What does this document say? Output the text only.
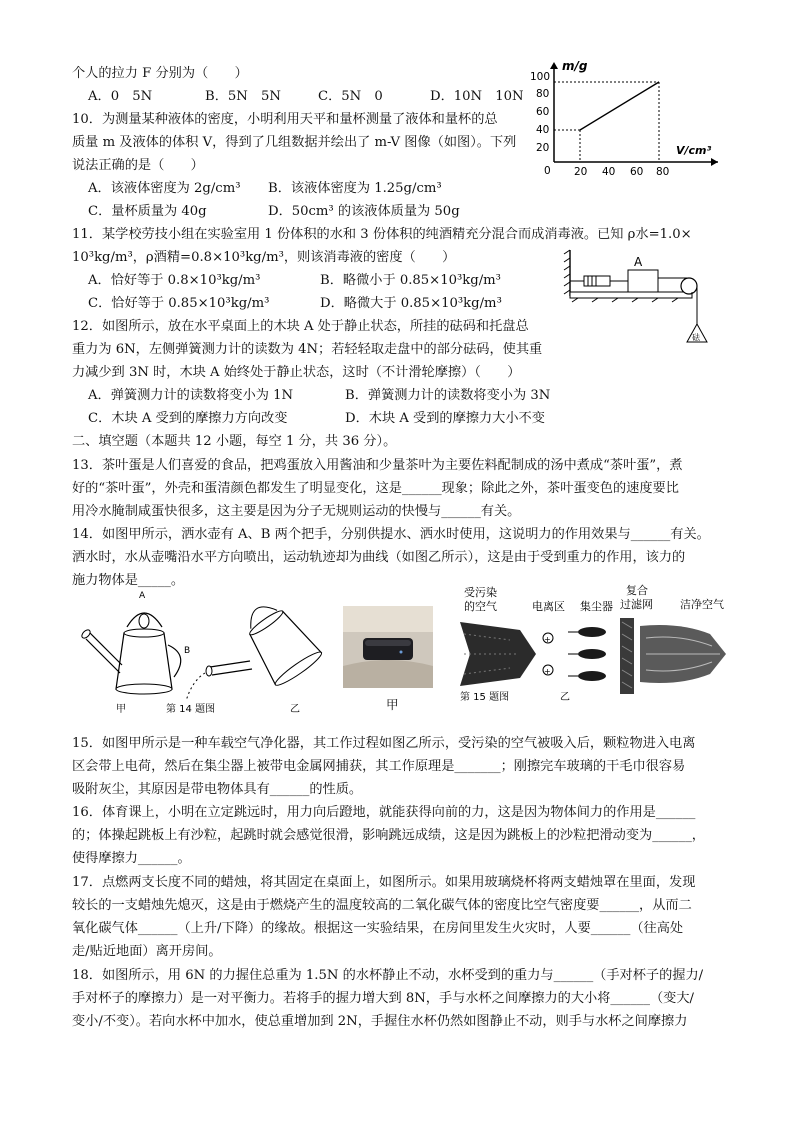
个人的拉力 F 分别为（　　）
A．0　5N	B．5N　5N	C．5N　0	D．10N　10N
10．为测量某种液体的密度，小明利用天平和量杯测量了液体和量杯的总
质量 m 及液体的体积 V，得到了几组数据并绘出了 m-V 图像（如图）。下列
说法正确的是（　　）
A．该液体密度为 2g/cm³ B．该液体密度为 1.25g/cm³
C．量杯质量为 40g	D．50cm³ 的该液体质量为 50g
m/g
V/cm³
0
20
40
60
80
100
20 40 60 80
11．某学校劳技小组在实验室用 1 份体积的水和 3 份体积的纯酒精充分混合而成消毒液。已知 ρ水=1.0×
10³kg/m³，ρ酒精=0.8×10³kg/m³，则该消毒液的密度（　　）
A．恰好等于 0.8×10³kg/m³	B．略微小于 0.85×10³kg/m³
C．恰好等于 0.85×10³kg/m³	D．略微大于 0.85×10³kg/m³
A
砝
12．如图所示，放在水平桌面上的木块 A 处于静止状态，所挂的砝码和托盘总
重力为 6N，左侧弹簧测力计的读数为 4N；若轻轻取走盘中的部分砝码，使其重
力减少到 3N 时，木块 A 始终处于静止状态，这时（不计滑轮摩擦）（　　）
A．弹簧测力计的读数将变小为 1N	B．弹簧测力计的读数将变小为 3N
C．木块 A 受到的摩擦力方向改变	D．木块 A 受到的摩擦力大小不变
二、填空题（本题共 12 小题，每空 1 分，共 36 分）。
13．茶叶蛋是人们喜爱的食品，把鸡蛋放入用酱油和少量茶叶为主要佐料配制成的汤中煮成“茶叶蛋”，煮
好的“茶叶蛋”，外壳和蛋清颜色都发生了明显变化，这是______现象；除此之外，茶叶蛋变色的速度要比
用冷水腌制咸蛋快很多，这主要是因为分子无规则运动的快慢与______有关。
14．如图甲所示，洒水壶有 A、B 两个把手，分别供提水、洒水时使用，这说明力的作用效果与______有关。
洒水时，水从壶嘴沿水平方向喷出，运动轨迹却为曲线（如图乙所示），这是由于受到重力的作用，该力的
施力物体是_____。
A
B
甲	第 14 题图	乙	甲
+
+
受污染
的空气	电离区 集尘器
复合
过滤网 洁净空气
第 15 题图	乙
15．如图甲所示是一种车载空气净化器，其工作过程如图乙所示，受污染的空气被吸入后，颗粒物进入电离
区会带上电荷，然后在集尘器上被带电金属网捕获，其工作原理是_______；刚擦完车玻璃的干毛巾很容易
吸附灰尘，其原因是带电物体具有______的性质。
16．体育课上，小明在立定跳远时，用力向后蹬地，就能获得向前的力，这是因为物体间力的作用是______
的；体操起跳板上有沙粒，起跳时就会感觉很滑，影响跳远成绩，这是因为跳板上的沙粒把滑动变为______，
使得摩擦力______。
17．点燃两支长度不同的蜡烛，将其固定在桌面上，如图所示。如果用玻璃烧杯将两支蜡烛罩在里面，发现
较长的一支蜡烛先熄灭，这是由于燃烧产生的温度较高的二氧化碳气体的密度比空气密度要______，从而二
氧化碳气体______（上升/下降）的缘故。根据这一实验结果，在房间里发生火灾时，人要______（往高处
走/贴近地面）离开房间。
18．如图所示，用 6N 的力握住总重为 1.5N 的水杯静止不动，水杯受到的重力与______（手对杯子的握力/
手对杯子的摩擦力）是一对平衡力。若将手的握力增大到 8N，手与水杯之间摩擦力的大小将______（变大/
变小/不变）。若向水杯中加水，使总重增加到 2N，手握住水杯仍然如图静止不动，则手与水杯之间摩擦力
